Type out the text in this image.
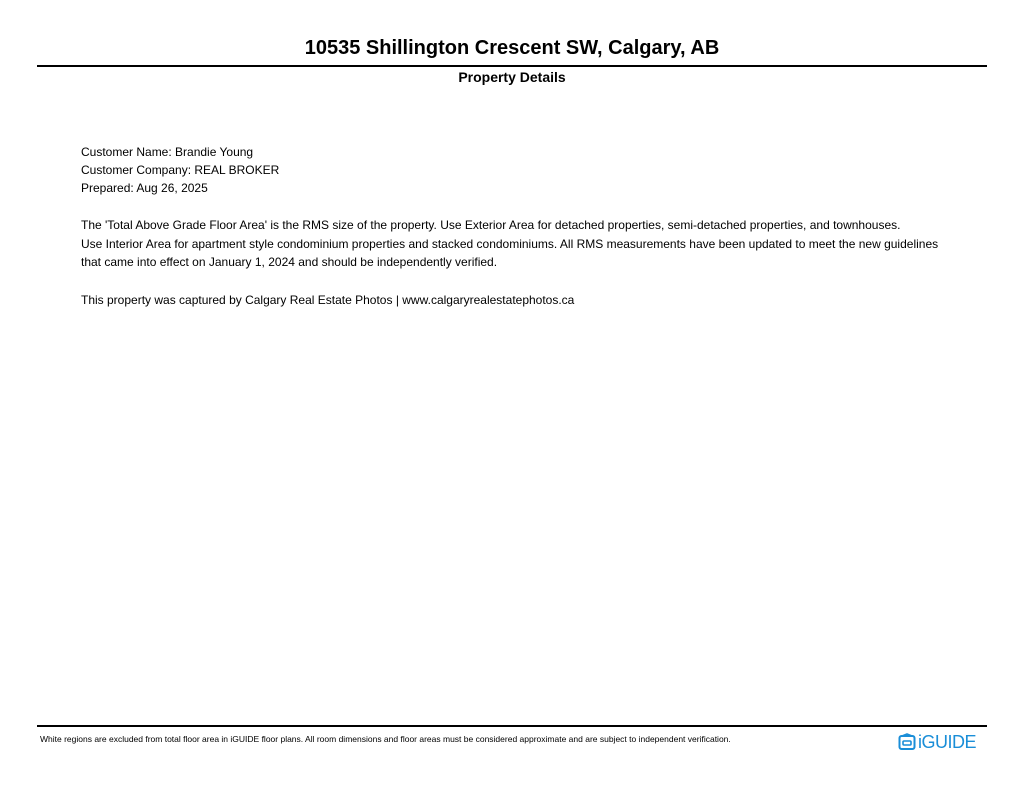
10535 Shillington Crescent SW, Calgary, AB
Property Details

Customer Name: Brandie Young

Customer Company: REAL BROKER

Prepared: Aug 26, 2025

The 'Total Above Grade Floor Area' is the RMS size of the property. Use Exterior Area for detached properties, semi-detached properties, and townhouses.

Use Interior Area for apartment style condominium properties and stacked condominiums. All RMS measurements have been updated to meet the new guidelines

that came into effect on January 1, 2024 and should be independently verified.

This property was captured by Calgary Real Estate Photos | www.calgaryrealestatephotos.ca

White regions are excluded from total floor area in iGUIDE floor plans. All room dimensions and floor areas must be considered approximate and are subject to independent verification.	iGUIDE
